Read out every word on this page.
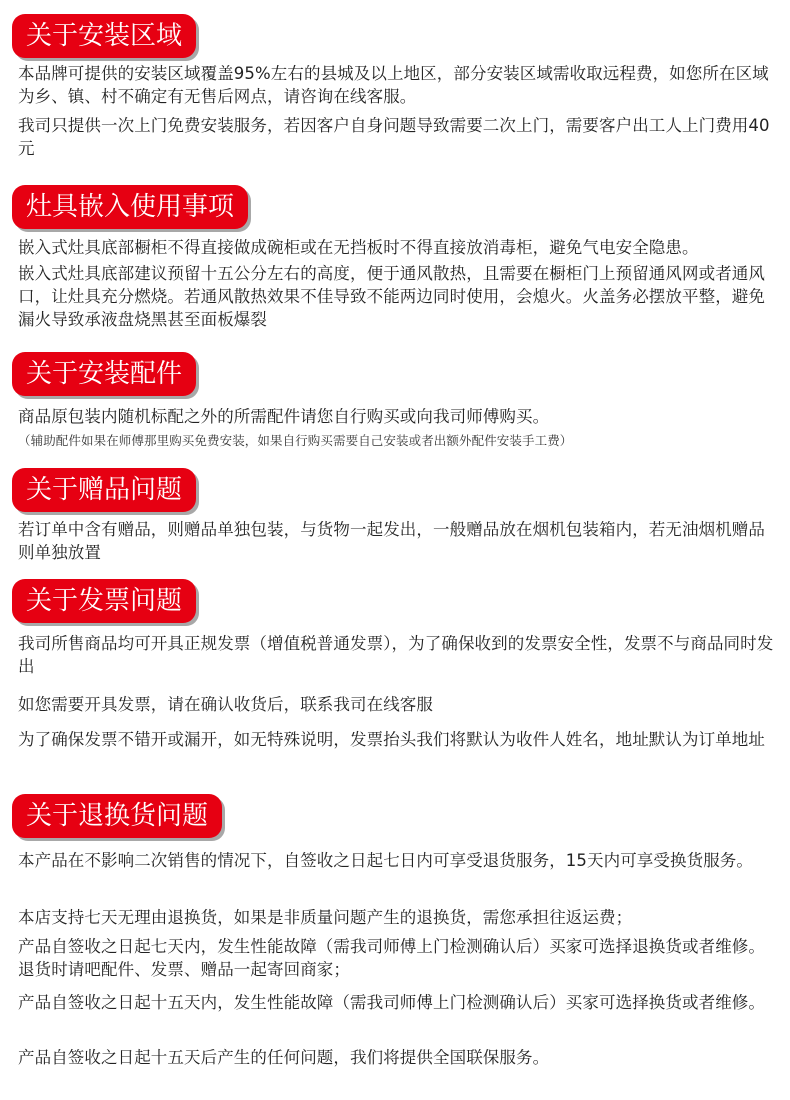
关于安装区域
本品牌可提供的安装区域覆盖95%左右的县城及以上地区，部分安装区域需收取远程费，如您所在区域为乡、镇、村不确定有无售后网点，请咨询在线客服。
我司只提供一次上门免费安装服务，若因客户自身问题导致需要二次上门，需要客户出工人上门费用40元
灶具嵌入使用事项
嵌入式灶具底部橱柜不得直接做成碗柜或在无挡板时不得直接放消毒柜，避免气电安全隐患。
嵌入式灶具底部建议预留十五公分左右的高度，便于通风散热，且需要在橱柜门上预留通风网或者通风口，让灶具充分燃烧。若通风散热效果不佳导致不能两边同时使用，会熄火。火盖务必摆放平整，避免漏火导致承液盘烧黑甚至面板爆裂
关于安装配件
商品原包装内随机标配之外的所需配件请您自行购买或向我司师傅购买。
（辅助配件如果在师傅那里购买免费安装，如果自行购买需要自己安装或者出额外配件安装手工费）
关于赠品问题
若订单中含有赠品，则赠品单独包装，与货物一起发出，一般赠品放在烟机包装箱内，若无油烟机赠品则单独放置
关于发票问题
我司所售商品均可开具正规发票（增值税普通发票），为了确保收到的发票安全性，发票不与商品同时发出
如您需要开具发票，请在确认收货后，联系我司在线客服
为了确保发票不错开或漏开，如无特殊说明，发票抬头我们将默认为收件人姓名，地址默认为订单地址
关于退换货问题
本产品在不影响二次销售的情况下，自签收之日起七日内可享受退货服务，15天内可享受换货服务。
本店支持七天无理由退换货，如果是非质量问题产生的退换货，需您承担往返运费；
产品自签收之日起七天内，发生性能故障（需我司师傅上门检测确认后）买家可选择退换货或者维修。退货时请吧配件、发票、赠品一起寄回商家；
产品自签收之日起十五天内，发生性能故障（需我司师傅上门检测确认后）买家可选择换货或者维修。
产品自签收之日起十五天后产生的任何问题，我们将提供全国联保服务。
